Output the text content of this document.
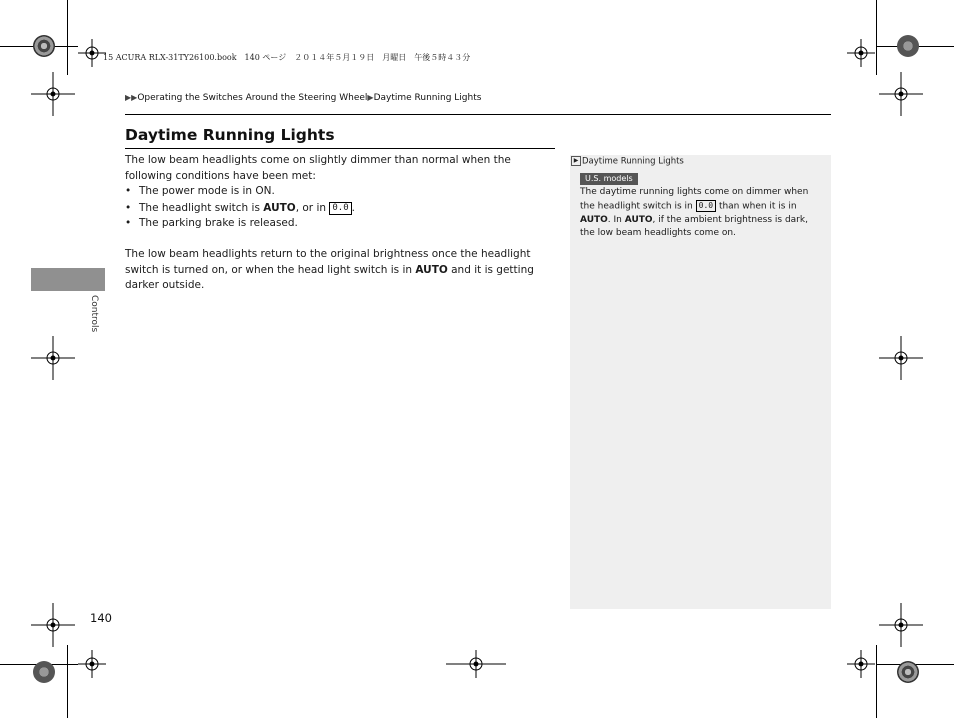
15 ACURA RLX-31TY26100.book　140 ページ　２０１４年５月１９日　月曜日　午後５時４３分
▶▶Operating the Switches Around the Steering Wheel▶Daytime Running Lights
Daytime Running Lights
The low beam headlights come on slightly dimmer than normal when the following conditions have been met:
• The power mode is in ON.
• The headlight switch is AUTO, or in 0.0 .
• The parking brake is released.
The low beam headlights return to the original brightness once the headlight switch is turned on, or when the head light switch is in AUTO and it is getting darker outside.
Controls
▶ Daytime Running Lights
U.S. models
The daytime running lights come on dimmer when the headlight switch is in 0.0 than when it is in AUTO. In AUTO, if the ambient brightness is dark, the low beam headlights come on.
140
